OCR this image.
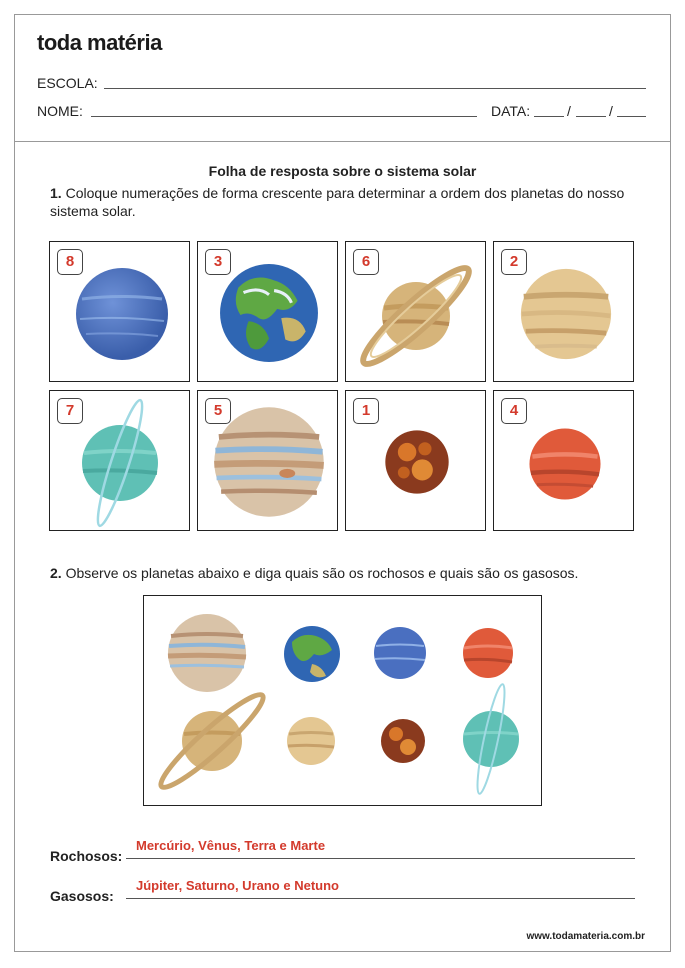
toda matéria
ESCOLA:
NOME:	DATA:	/	/
Folha de resposta sobre o sistema solar
1. Coloque numerações de forma crescente para determinar a ordem dos planetas do nosso sistema solar.
8	3	6	2
7	5	1	4
2. Observe os planetas abaixo e diga quais são os rochosos e quais são os gasosos.
Rochosos:
Mercúrio, Vênus, Terra e Marte
Gasosos:
Júpiter, Saturno, Urano e Netuno
www.todamateria.com.br
